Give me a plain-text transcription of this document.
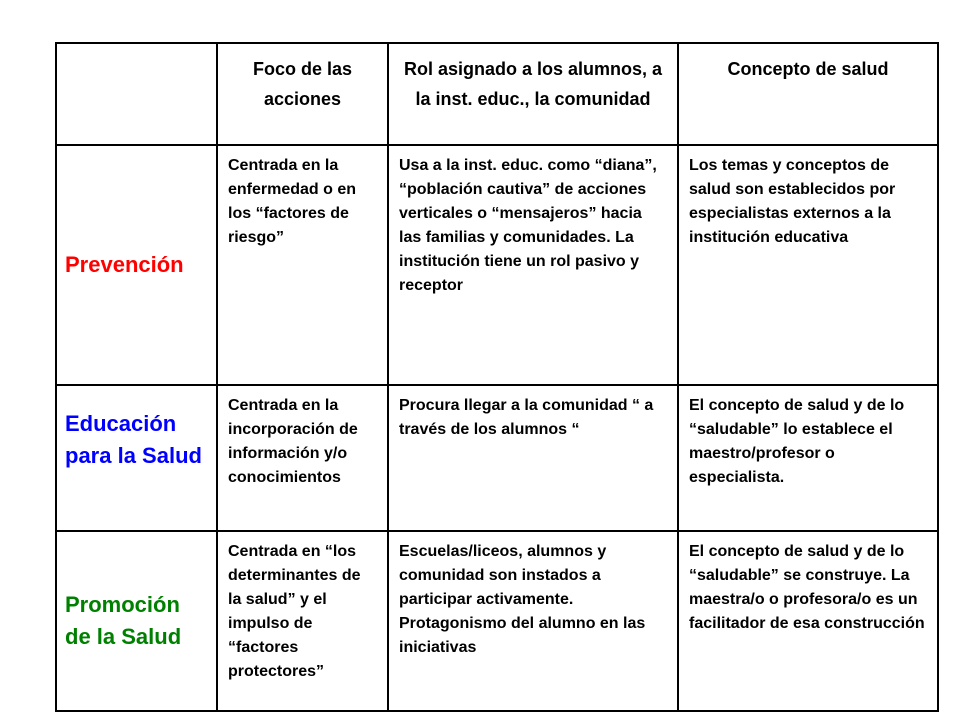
	Foco de las acciones	Rol asignado a los alumnos, a la inst. educ., la comunidad	Concepto de salud

Prevención	Centrada en la enfermedad o en los “factores de riesgo”	Usa a la inst. educ. como “diana”, “población cautiva” de acciones verticales o “mensajeros” hacia las familias y comunidades. La institución tiene un rol pasivo y receptor	Los temas y conceptos de salud son establecidos por especialistas externos a la institución educativa

Educación para la Salud	Centrada en la incorporación de información y/o conocimientos	Procura llegar a la comunidad “ a través de los alumnos “	El concepto de salud y de lo “saludable” lo establece el maestro/profesor o especialista.

Promoción de la Salud	Centrada en “los determinantes de la salud” y el impulso de “factores protectores”	Escuelas/liceos, alumnos y comunidad son instados a participar activamente. Protagonismo del alumno en las iniciativas	El concepto de salud y de lo “saludable” se construye. La maestra/o o profesora/o es un facilitador de esa construcción
